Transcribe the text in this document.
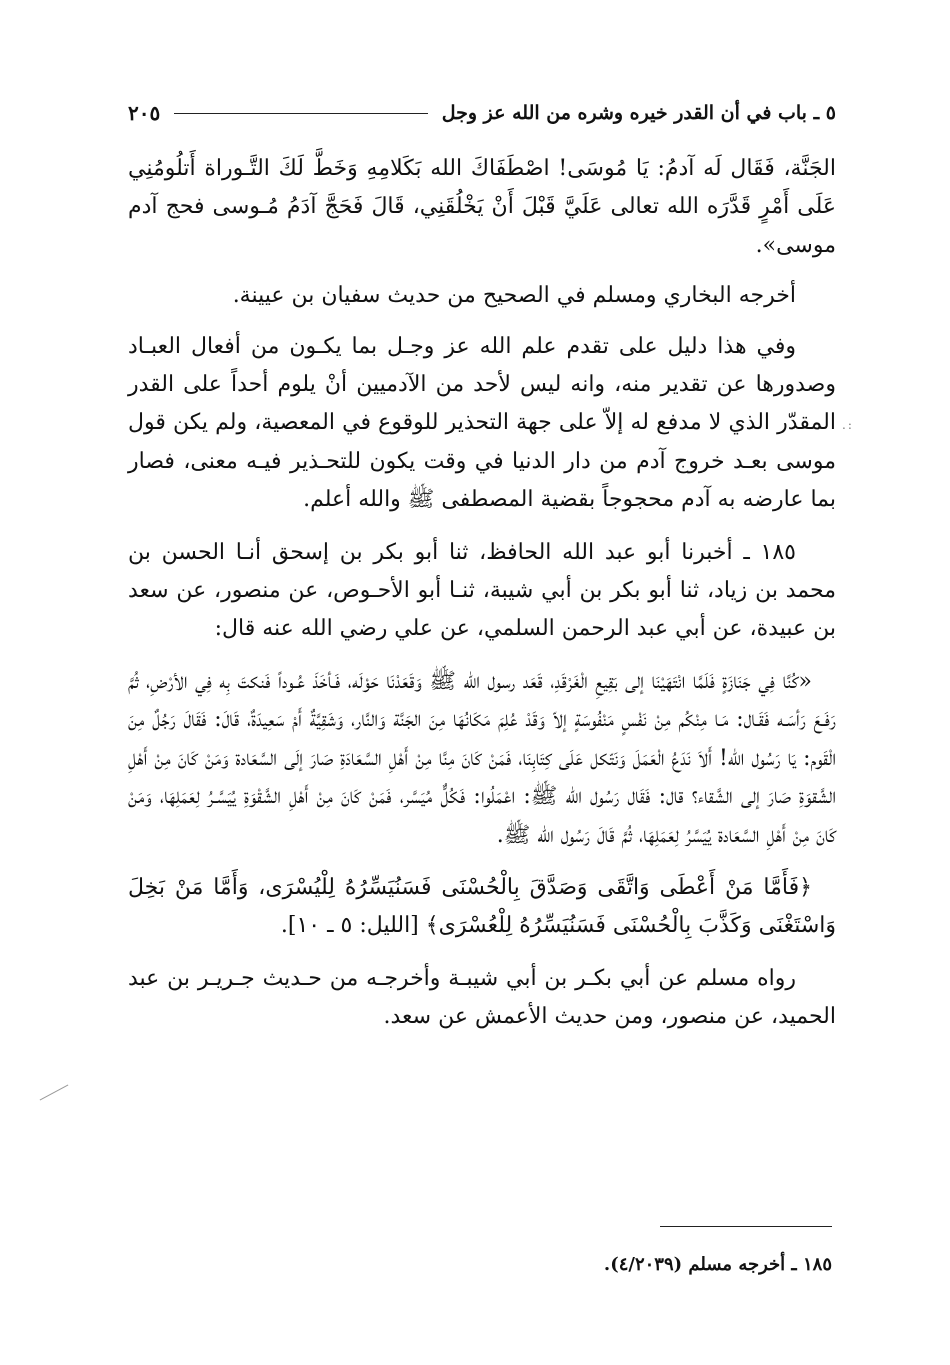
٥ ـ باب في أن القدر خيره وشره من الله عز وجل
٢٠٥

الجَنَّة، فَقَال لَه آدمُ: يَا مُوسَى! اصْطَفَاكَ الله بَكَلامِهِ وَخَطَّ لَكَ التَّـوراة أَتلُومُنِي عَلَى أَمْرٍ قَدَّرَه الله تعالى عَلَيَّ قَبْلَ أَنْ يَخْلُقَنِي، قَالَ فَحَجَّ آدَمُ مُـوسى فحج آدم موسى».

أخرجه البخاري ومسلم في الصحيح من حديث سفيان بن عيينة.

وفي هذا دليل على تقدم علم الله عز وجـل بما يكـون من أفعال العبـاد وصدورها عن تقدير منه، وانه ليس لأحد من الآدميين أنْ يلوم أحداً على القدر المقدّر الذي لا مدفع له إلاّ على جهة التحذير للوقوع في المعصية، ولم يكن قول موسى بعـد خروج آدم من دار الدنيا في وقت يكون للتحـذير فيـه معنى، فصار بما عارضه به آدم محجوجاً بقضية المصطفى ﷺ والله أعلم.

١٨٥ ـ أخبرنا أبو عبد الله الحافظ، ثنا أبو بكر بن إسحق أنـا الحسن بن محمد بن زياد، ثنا أبو بكر بن أبي شيبة، ثنـا أبو الأحـوص، عن منصور، عن سعد بن عبيدة، عن أبي عبد الرحمن السلمي، عن علي رضي الله عنه قال:

«كُنَّا فِي جَنَازَةٍ فَلَمَّا انْتَهَيْنَا إلى بَقِيعِ الْغَرْقَدِ، قَعَد رسول الله ﷺ وَقَعَدْنَا حَوْلَه، فَـأخَذَ عُـوداً فَنكتَ بِه فِي الأرْضِ، ثُمَّ رَفَـعَ رَأسَـه فَقَـال: مَـا مِنْكُم مِنْ نَفْسٍ مَنْفُوسَةٍ إلاّ وَقَدْ عُلِمَ مَكَانُهَا مِنَ الجَنَّة وَالنَّار، وَشَقِيَّةٌ أَمْ سَعِيدَةٌ، قَالَ: فَقَالَ رَجُلٌ مِنَ الْقَوم: يَا رَسُول الله! أَلاَ نَدَعُ الْعَمَلَ وَنَتّكل عَلَى كِتَابِنَا، فَمَنْ كَانَ مِنَّا مِنْ أَهْلِ السَّعَادَةِ صَارَ إلَى السَّعَادة وَمَنْ كَانَ مِنْ أَهْلِ الشَّقوَةِ صَارَ إلى الشَّقاء؟ قال: فَقَال رَسُول الله ﷺ: اعْمَلُوا: فَكُلٌّ مُيَسَّر، فَمَنْ كَانَ مِنْ أَهْلِ الشَّقْوَةِ يُيَسَّـرُ لِعَمَلِهَا، وَمَنْ كَانَ مِنْ أَهْلِ السَّعَادة يُيَسَّرُ لِعَمَلِهَا، ثُمَّ قَالَ رَسُول الله ﷺ.

﴿فَأَمَّا مَنْ أَعْطَى وَاتَّقَى وَصَدَّقَ بِالْحُسْنَى فَسَنُيَسِّرُهُ لِلْيُسْرَى، وَأَمَّا مَنْ بَخِلَ وَاسْتَغْنَى وَكَذَّبَ بِالْحُسْنَى فَسَنُيَسِّرُهُ لِلْعُسْرَى﴾ [الليل: ٥ ـ ١٠].

رواه مسلم عن أبي بكـر بن أبي شيبـة وأخرجـه من حـديث جـريـر بن عبد الحميد، عن منصور، ومن حديث الأعمش عن سعد.

.:
١٨٥ ـ أخرجه مسلم (٤/٢٠٣٩).
